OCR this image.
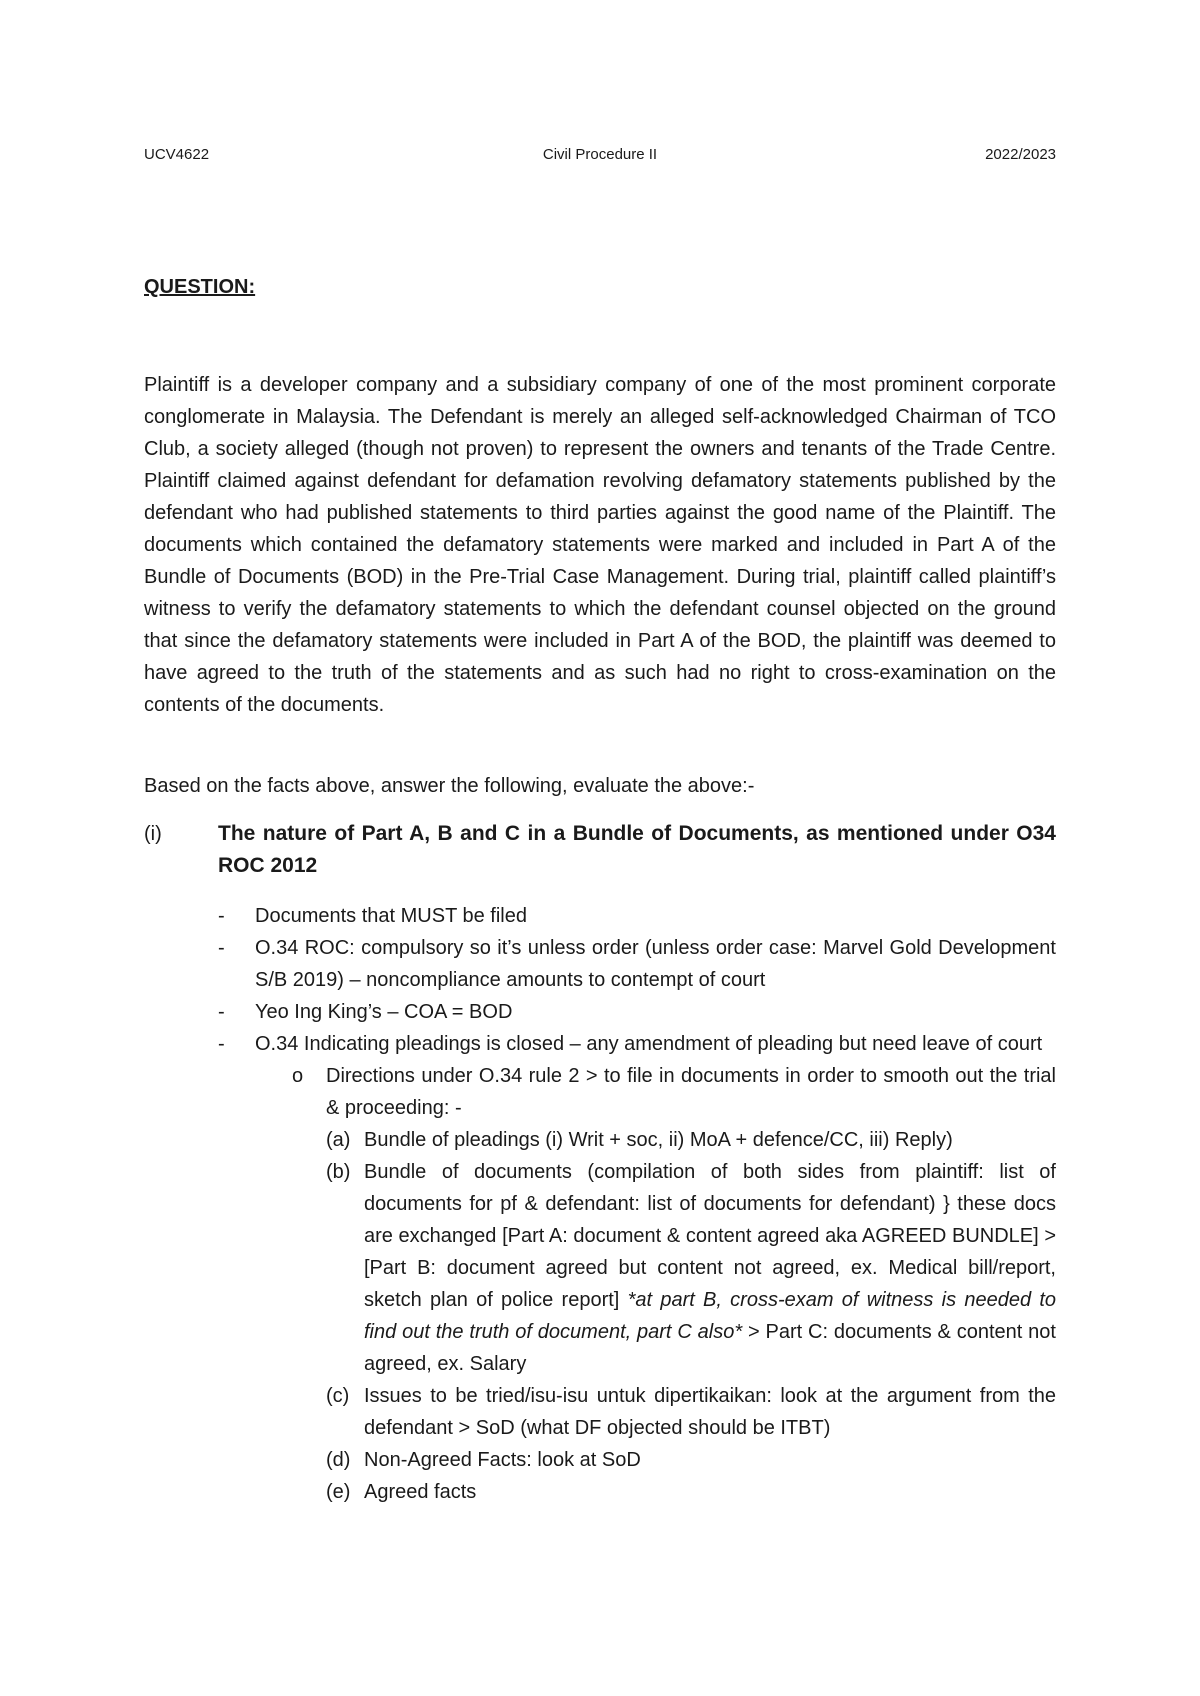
UCV4622	Civil Procedure II	2022/2023
QUESTION:

Plaintiff is a developer company and a subsidiary company of one of the most prominent corporate conglomerate in Malaysia. The Defendant is merely an alleged self-acknowledged Chairman of TCO Club, a society alleged (though not proven) to represent the owners and tenants of the Trade Centre. Plaintiff claimed against defendant for defamation revolving defamatory statements published by the defendant who had published statements to third parties against the good name of the Plaintiff. The documents which contained the defamatory statements were marked and included in Part A of the Bundle of Documents (BOD) in the Pre-Trial Case Management. During trial, plaintiff called plaintiff’s witness to verify the defamatory statements to which the defendant counsel objected on the ground that since the defamatory statements were included in Part A of the BOD, the plaintiff was deemed to have agreed to the truth of the statements and as such had no right to cross-examination on the contents of the documents.

Based on the facts above, answer the following, evaluate the above:-

(i)	The nature of Part A, B and C in a Bundle of Documents, as mentioned under O34 ROC 2012
- Documents that MUST be filed
- O.34 ROC: compulsory so it’s unless order (unless order case: Marvel Gold Development S/B 2019) – noncompliance amounts to contempt of court
- Yeo Ing King’s – COA = BOD
- O.34 Indicating pleadings is closed – any amendment of pleading but need leave of court
o Directions under O.34 rule 2 > to file in documents in order to smooth out the trial & proceeding: -
(a) Bundle of pleadings (i) Writ + soc, ii) MoA + defence/CC, iii) Reply)
(b) Bundle of documents (compilation of both sides from plaintiff: list of documents for pf & defendant: list of documents for defendant) } these docs are exchanged [Part A: document & content agreed aka AGREED BUNDLE] > [Part B: document agreed but content not agreed, ex. Medical bill/report, sketch plan of police report] *at part B, cross-exam of witness is needed to find out the truth of document, part C also* > Part C: documents & content not agreed, ex. Salary
(c) Issues to be tried/isu-isu untuk dipertikaikan: look at the argument from the defendant > SoD (what DF objected should be ITBT)
(d) Non-Agreed Facts: look at SoD
(e) Agreed facts
